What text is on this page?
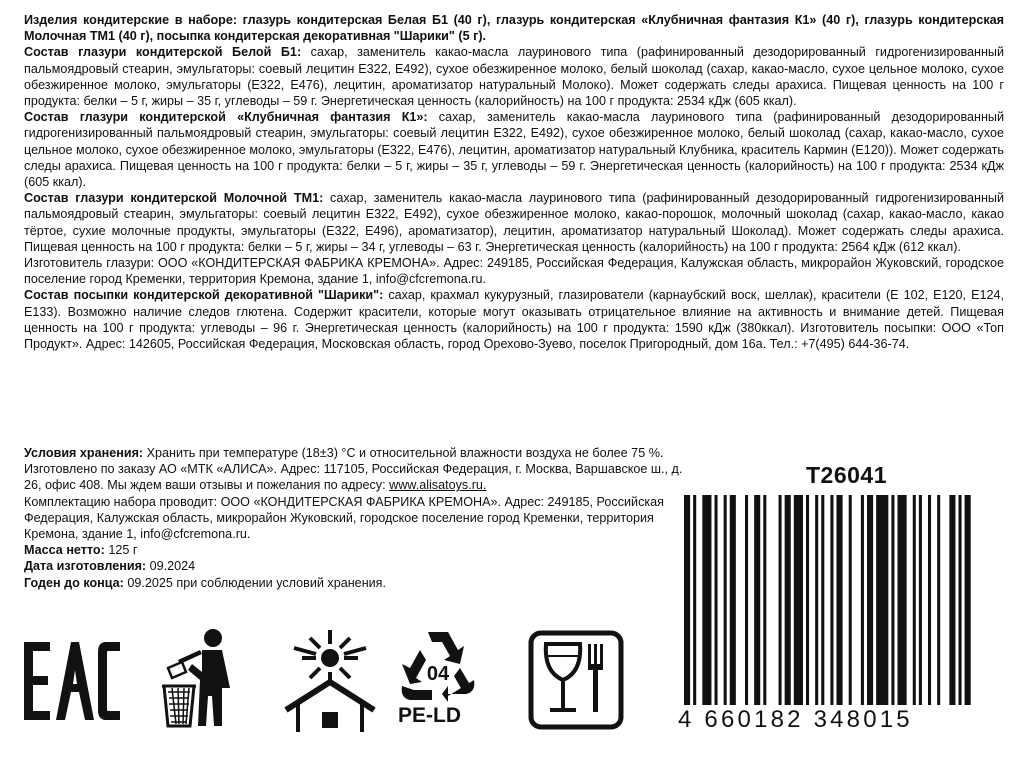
Изделия кондитерские в наборе: глазурь кондитерская Белая Б1 (40 г), глазурь кондитерская «Клубничная фантазия К1» (40 г), глазурь кондитерская Молочная ТМ1 (40 г), посыпка кондитерская декоративная "Шарики" (5 г).

Состав глазури кондитерской Белой Б1: сахар, заменитель какао-масла лауринового типа (рафинированный дезодорированный гидрогенизированный пальмоядровый стеарин, эмульгаторы: соевый лецитин Е322, Е492), сухое обезжиренное молоко, белый шоколад (сахар, какао-масло, сухое цельное молоко, сухое обезжиренное молоко, эмульгаторы (Е322, Е476), лецитин, ароматизатор натуральный Молоко). Может содержать следы арахиса. Пищевая ценность на 100 г продукта: белки – 5 г, жиры – 35 г, углеводы – 59 г. Энергетическая ценность (калорийность) на 100 г продукта: 2534 кДж (605 ккал).

Состав глазури кондитерской «Клубничная фантазия К1»: сахар, заменитель какао-масла лауринового типа (рафинированный дезодорированный гидрогенизированный пальмоядровый стеарин, эмульгаторы: соевый лецитин Е322, Е492), сухое обезжиренное молоко, белый шоколад (сахар, какао-масло, сухое цельное молоко, сухое обезжиренное молоко, эмульгаторы (Е322, Е476), лецитин, ароматизатор натуральный Клубника, краситель Кармин (Е120)). Может содержать следы арахиса. Пищевая ценность на 100 г продукта: белки – 5 г, жиры – 35 г, углеводы – 59 г. Энергетическая ценность (калорийность) на 100 г продукта: 2534 кДж (605 ккал).

Состав глазури кондитерской Молочной ТМ1: сахар, заменитель какао-масла лауринового типа (рафинированный дезодорированный гидрогенизированный пальмоядровый стеарин, эмульгаторы: соевый лецитин Е322, Е492), сухое обезжиренное молоко, какао-порошок, молочный шоколад (сахар, какао-масло, какао тёртое, сухие молочные продукты, эмульгаторы (Е322, Е496), ароматизатор), лецитин, ароматизатор натуральный Шоколад). Может содержать следы арахиса. Пищевая ценность на 100 г продукта: белки – 5 г, жиры – 34 г, углеводы – 63 г. Энергетическая ценность (калорийность) на 100 г продукта: 2564 кДж (612 ккал).

Изготовитель глазури: ООО «КОНДИТЕРСКАЯ ФАБРИКА КРЕМОНА». Адрес: 249185, Российская Федерация, Калужская область, микрорайон Жуковский, городское поселение город Кременки, территория Кремона, здание 1, info@cfcremona.ru.

Состав посыпки кондитерской декоративной "Шарики": сахар, крахмал кукурузный, глазирователи (карнаубский воск, шеллак), красители (Е 102, Е120, Е124, Е133). Возможно наличие следов глютена. Содержит красители, которые могут оказывать отрицательное влияние на активность и внимание детей. Пищевая ценность на 100 г продукта: углеводы – 96 г. Энергетическая ценность (калорийность) на 100 г продукта: 1590 кДж (380ккал). Изготовитель посыпки: ООО «Топ Продукт». Адрес: 142605, Российская Федерация, Московская область, город Орехово-Зуево, поселок Пригородный, дом 16а. Тел.: +7(495) 644-36-74.

Условия хранения: Хранить при температуре (18±3) °С и относительной влажности воздуха не более 75 %.

Изготовлено по заказу АО «МТК «АЛИСА». Адрес: 117105, Российская Федерация, г. Москва, Варшавское ш., д. 26, офис 408. Мы ждем ваши отзывы и пожелания по адресу: www.alisatoys.ru.

Комплектацию набора проводит: ООО «КОНДИТЕРСКАЯ ФАБРИКА КРЕМОНА». Адрес: 249185, Российская Федерация, Калужская область, микрорайон Жуковский, городское поселение город Кременки, территория Кремона, здание 1, info@cfcremona.ru.

Масса нетто: 125 г

Дата изготовления: 09.2024

Годен до конца: 09.2025 при соблюдении условий хранения.

T26041
04
PE-LD	4 660182 348015
